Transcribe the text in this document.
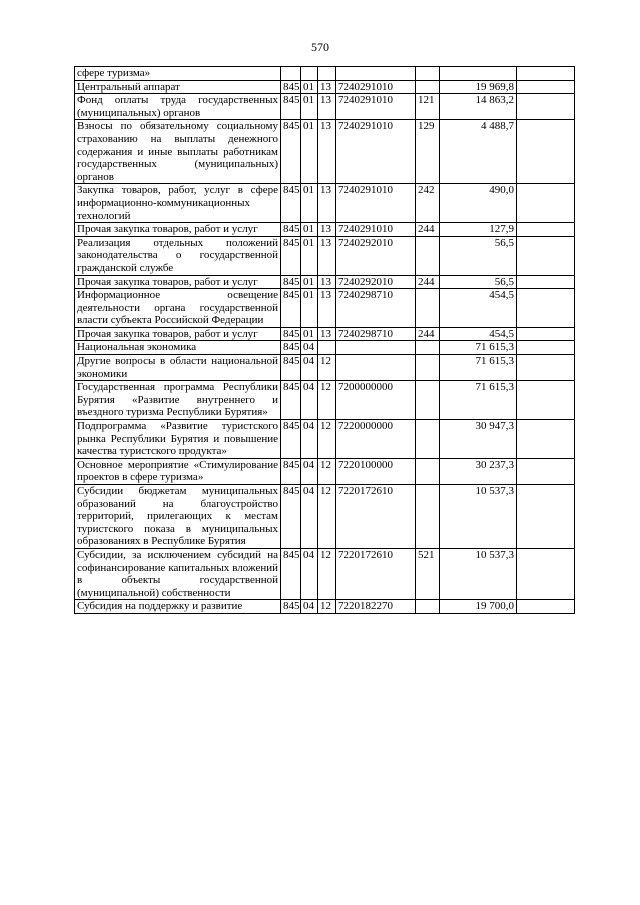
570
сфере туризма»							
Центральный аппарат	845	01	13	7240291010		19 969,8	
Фонд оплаты труда государственных (муниципальных) органов	845	01	13	7240291010	121	14 863,2	
Взносы по обязательному социальному страхованию на выплаты денежного содержания и иные выплаты работникам государственных (муниципальных) органов	845	01	13	7240291010	129	4 488,7	
Закупка товаров, работ, услуг в сфере информационно-коммуникационных технологий	845	01	13	7240291010	242	490,0	
Прочая закупка товаров, работ и услуг	845	01	13	7240291010	244	127,9	
Реализация отдельных положений законодательства о государственной гражданской службе	845	01	13	7240292010		56,5	
Прочая закупка товаров, работ и услуг	845	01	13	7240292010	244	56,5	
Информационное освещение деятельности органа государственной власти субъекта Российской Федерации	845	01	13	7240298710		454,5	
Прочая закупка товаров, работ и услуг	845	01	13	7240298710	244	454,5	
Национальная экономика	845	04				71 615,3	
Другие вопросы в области национальной экономики	845	04	12			71 615,3	
Государственная программа Республики Бурятия «Развитие внутреннего и въездного туризма Республики Бурятия»	845	04	12	7200000000		71 615,3	
Подпрограмма «Развитие туристского рынка Республики Бурятия и повышение качества туристского продукта»	845	04	12	7220000000		30 947,3	
Основное мероприятие «Стимулирование проектов в сфере туризма»	845	04	12	7220100000		30 237,3	
Субсидии бюджетам муниципальных образований на благоустройство территорий, прилегающих к местам туристского показа в муниципальных образованиях в Республике Бурятия	845	04	12	7220172610		10 537,3	
Субсидии, за исключением субсидий на софинансирование капитальных вложений в объекты государственной (муниципальной) собственности	845	04	12	7220172610	521	10 537,3	
Субсидия на поддержку и развитие	845	04	12	7220182270		19 700,0	
